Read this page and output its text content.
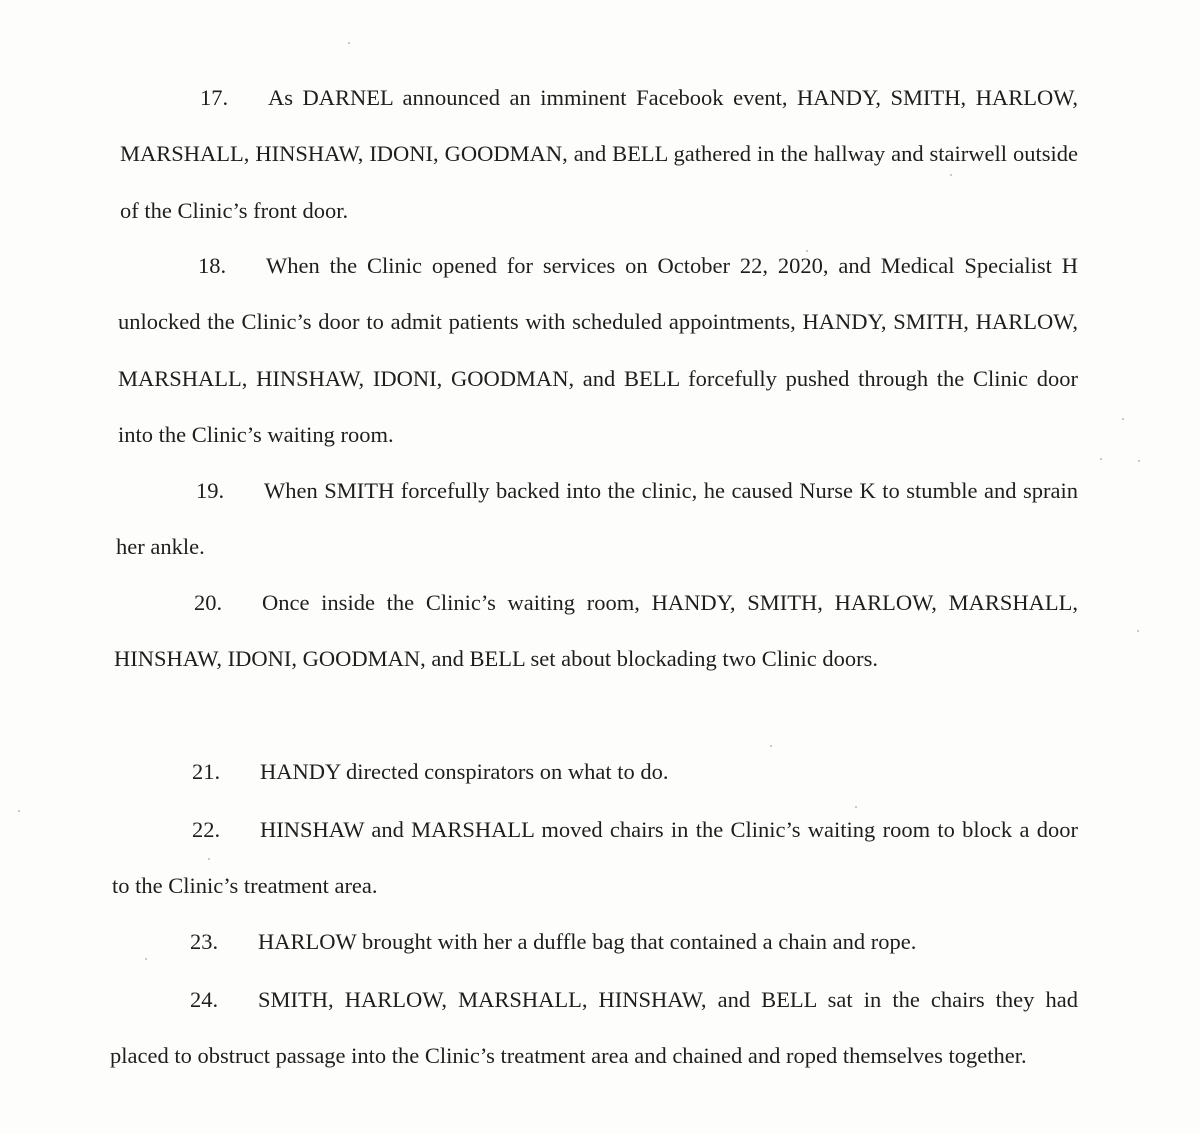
17. As DARNEL announced an imminent Facebook event, HANDY, SMITH, HARLOW, MARSHALL, HINSHAW, IDONI, GOODMAN, and BELL gathered in the hallway and stairwell outside of the Clinic’s front door.

18. When the Clinic opened for services on October 22, 2020, and Medical Specialist H unlocked the Clinic’s door to admit patients with scheduled appointments, HANDY, SMITH, HARLOW, MARSHALL, HINSHAW, IDONI, GOODMAN, and BELL forcefully pushed through the Clinic door into the Clinic’s waiting room.

19. When SMITH forcefully backed into the clinic, he caused Nurse K to stumble and sprain her ankle.

20. Once inside the Clinic’s waiting room, HANDY, SMITH, HARLOW, MARSHALL, HINSHAW, IDONI, GOODMAN, and BELL set about blockading two Clinic doors.

21. HANDY directed conspirators on what to do.

22. HINSHAW and MARSHALL moved chairs in the Clinic’s waiting room to block a door to the Clinic’s treatment area.

23. HARLOW brought with her a duffle bag that contained a chain and rope.

24. SMITH, HARLOW, MARSHALL, HINSHAW, and BELL sat in the chairs they had placed to obstruct passage into the Clinic’s treatment area and chained and roped themselves together.
